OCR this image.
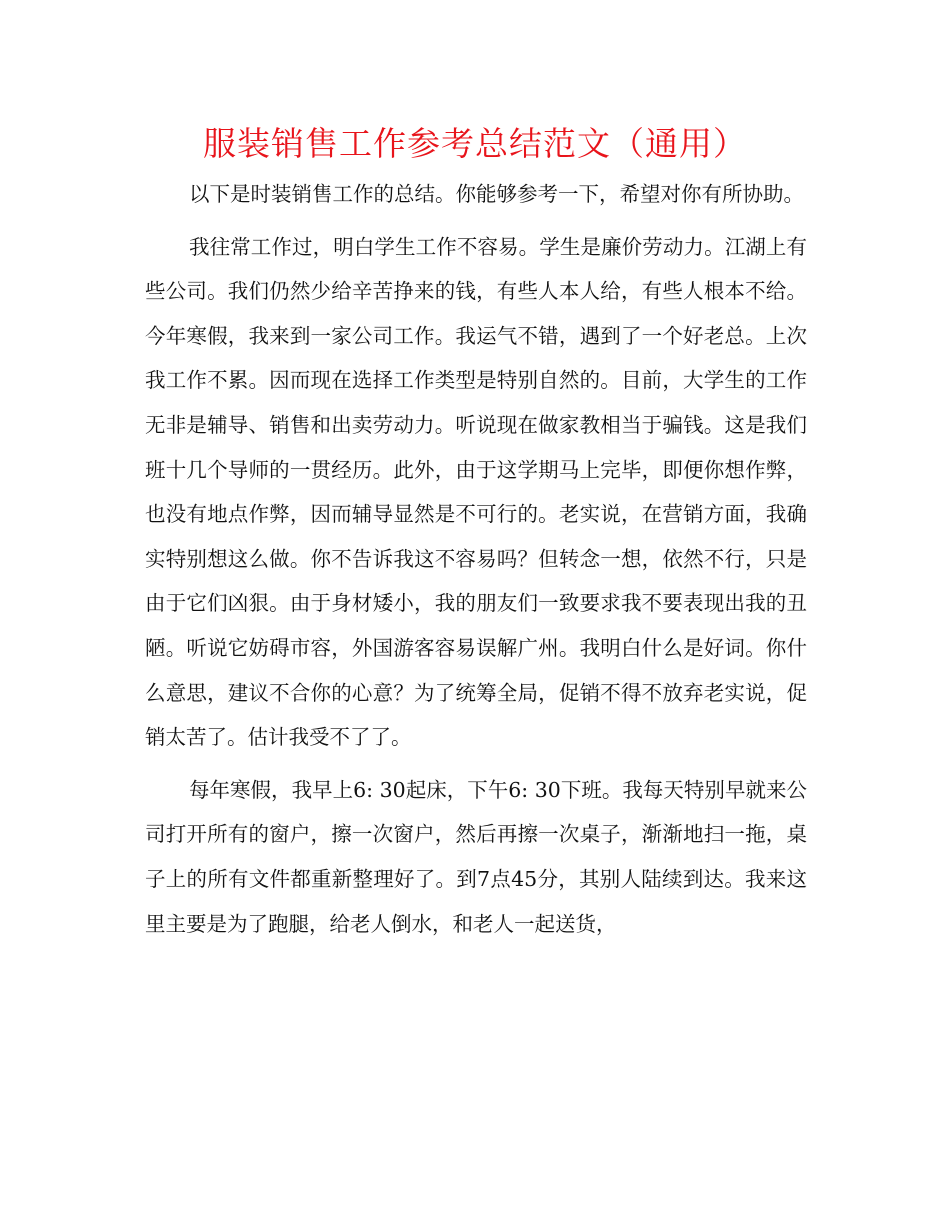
服装销售工作参考总结范文（通用）

以下是时装销售工作的总结。你能够参考一下，希望对你有所协助。

我往常工作过，明白学生工作不容易。学生是廉价劳动力。江湖上有些公司。我们仍然少给辛苦挣来的钱，有些人本人给，有些人根本不给。今年寒假，我来到一家公司工作。我运气不错，遇到了一个好老总。上次我工作不累。因而现在选择工作类型是特别自然的。目前，大学生的工作无非是辅导、销售和出卖劳动力。听说现在做家教相当于骗钱。这是我们班十几个导师的一贯经历。此外，由于这学期马上完毕，即便你想作弊，也没有地点作弊，因而辅导显然是不可行的。老实说，在营销方面，我确实特别想这么做。你不告诉我这不容易吗？但转念一想，依然不行，只是由于它们凶狠。由于身材矮小，我的朋友们一致要求我不要表现出我的丑陋。听说它妨碍市容，外国游客容易误解广州。我明白什么是好词。你什么意思，建议不合你的心意？为了统筹全局，促销不得不放弃老实说，促销太苦了。估计我受不了了。

每年寒假，我早上6: 30起床，下午6: 30下班。我每天特别早就来公司打开所有的窗户，擦一次窗户，然后再擦一次桌子，渐渐地扫一拖，桌子上的所有文件都重新整理好了。到7点45分，其别人陆续到达。我来这里主要是为了跑腿，给老人倒水，和老人一起送货，
